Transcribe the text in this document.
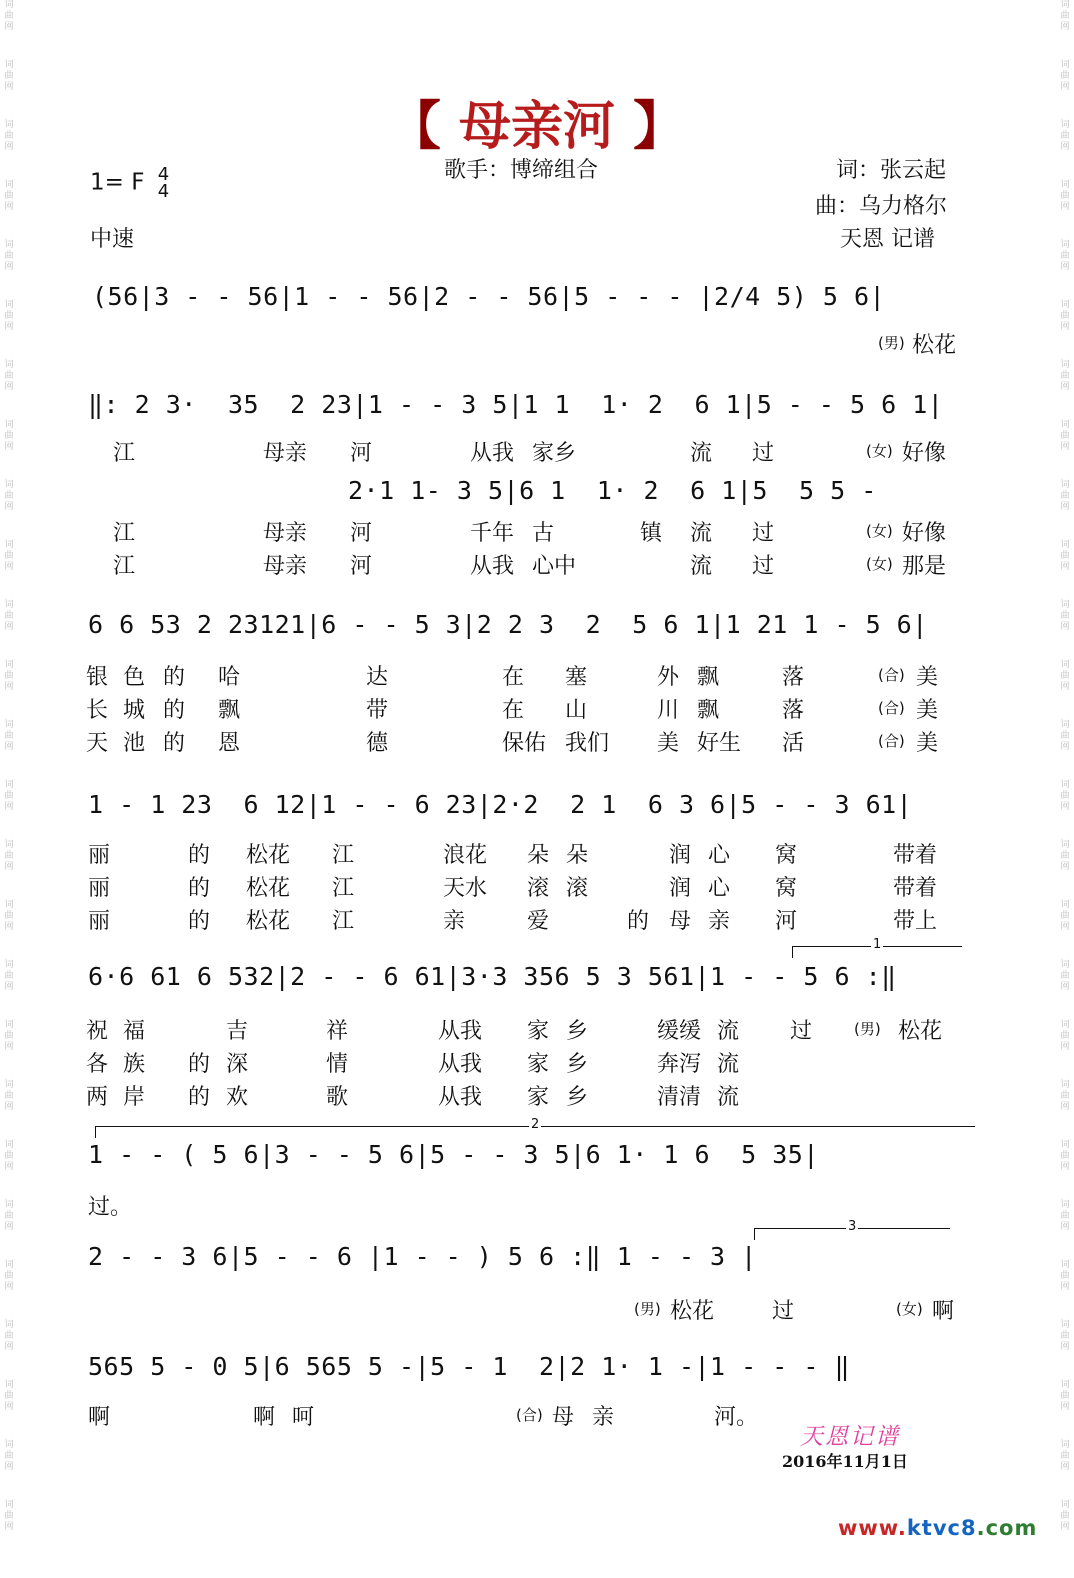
词
曲
网
词
曲
网
词
曲
网
词
曲
网
词
曲
网
词
曲
网
词
曲
网
词
曲
网
词
曲
网
词
曲
网
词
曲
网
词
曲
网
词
曲
网
词
曲
网
词
曲
网
词
曲
网
词
曲
网
词
曲
网
词
曲
网
词
曲
网
词
曲
网
词
曲
网
词
曲
网
词
曲
网
词
曲
网
词
曲
网
词
曲
网
词
曲
网
词
曲
网
词
曲
网
词
曲
网
词
曲
网
词
曲
网
词
曲
网
词
曲
网
词
曲
网
词
曲
网
词
曲
网
词
曲
网
词
曲
网
词
曲
网
词
曲
网
词
曲
网
词
曲
网
词
曲
网
词
曲
网
词
曲
网
词
曲
网
词
曲
网
词
曲
网
词
曲
网
词
曲
网
【 母亲河 】
1= F 4
4
中速
歌手：博缔组合	词：张云起
曲：乌力格尔
天恩 记谱
(56|3 - - 56|1 - - 56|2 - - 56|5 - - - |2/4 5) 5 6|
(男) 松花
‖: 2 3·  35  2 23|1 - - 3 5|1 1  1· 2  6 1|5 - - 5 6 1|
江	母亲 河	从我 家乡	流 过	(女) 好像
2·1 1- 3 5|6 1  1· 2  6 1|5  5 5 -
江	母亲 河	千年 古	镇 流 过	(女) 好像
江	母亲 河	从我 心中	流 过	(女) 那是
6 6 53 2 23121|6 - - 5 3|2 2 3  2  5 6 1|1 21 1 - 5 6|
银 色 的 哈	达	在 塞	外 飘	落	(合) 美
长 城 的 飘	带	在 山	川 飘	落	(合) 美
天 池 的 恩	德	保佑 我们 美 好生 活	(合) 美
1 - 1 23  6 12|1 - - 6 23|2·2  2 1  6 3 6|5 - - 3 61|
丽	的 松花 江	浪花 朵 朵	润 心 窝	带着
丽	的 松花 江	天水 滚 滚	润 心 窝	带着
丽	的 松花 江	亲	爱	的 母 亲 河	带上
1
6·6 61 6 532|2 - - 6 61|3·3 356 5 3 561|1 - - 5 6 :‖
祝 福	吉	祥	从我 家 乡	缓缓 流 过	(男) 松花
各 族 的 深	情	从我 家 乡	奔泻 流
两 岸 的 欢	歌	从我 家 乡	清清 流
2
1 - - ( 5 6|3 - - 5 6|5 - - 3 5|6 1· 1 6  5 35|
过。
3
2 - - 3 6|5 - - 6 |1 - - ) 5 6 :‖ 1 - - 3 |
(男) 松花	过	(女) 啊
565 5 - 0 5|6 565 5 -|5 - 1  2|2 1· 1 -|1 - - - ‖
啊	啊 呵	(合) 母 亲	河。
天恩记谱
2016年11月1日
www.ktvc8.com
